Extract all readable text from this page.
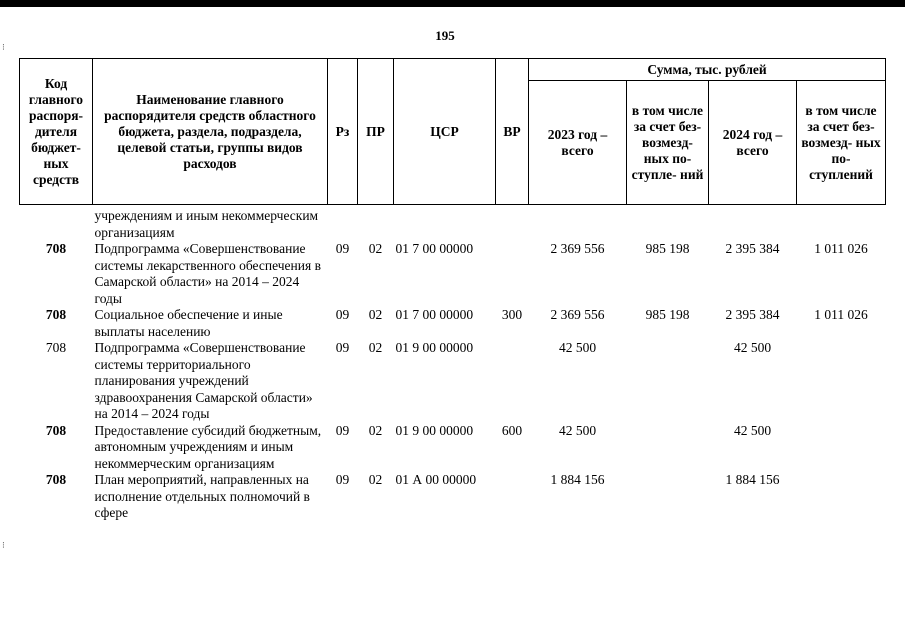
195
⁝
⁝
Код главного распоря- дителя бюджет- ных средств	Наименование главного распорядителя средств областного бюджета, раздела, подраздела, целевой статьи, группы видов расходов	Рз	ПР	ЦСР	ВР	Сумма, тыс. рублей			
						2023 год – всего	в том числе за счет без- возмезд- ных по- ступле- ний	2024 год – всего	в том числе за счет без- возмезд- ных по- ступлений

	учреждениям и иным некоммерческим организациям								
708	Подпрограмма «Совершенствование системы лекарственного обеспечения в Самарской области» на 2014 – 2024 годы	09	02	01 7 00 00000		2 369 556	985 198	2 395 384	1 011 026
708	Социальное обеспечение и иные выплаты населению	09	02	01 7 00 00000	300	2 369 556	985 198	2 395 384	1 011 026
708	Подпрограмма «Совершенствование системы территориального планирования учреждений здравоохранения Самарской области» на 2014 – 2024 годы	09	02	01 9 00 00000		42 500		42 500	
708	Предоставление субсидий бюджетным, автономным учреждениям и иным некоммерческим организациям	09	02	01 9 00 00000	600	42 500		42 500	
708	План мероприятий, направленных на исполнение отдельных полномочий в сфере	09	02	01 А 00 00000		1 884 156		1 884 156	
